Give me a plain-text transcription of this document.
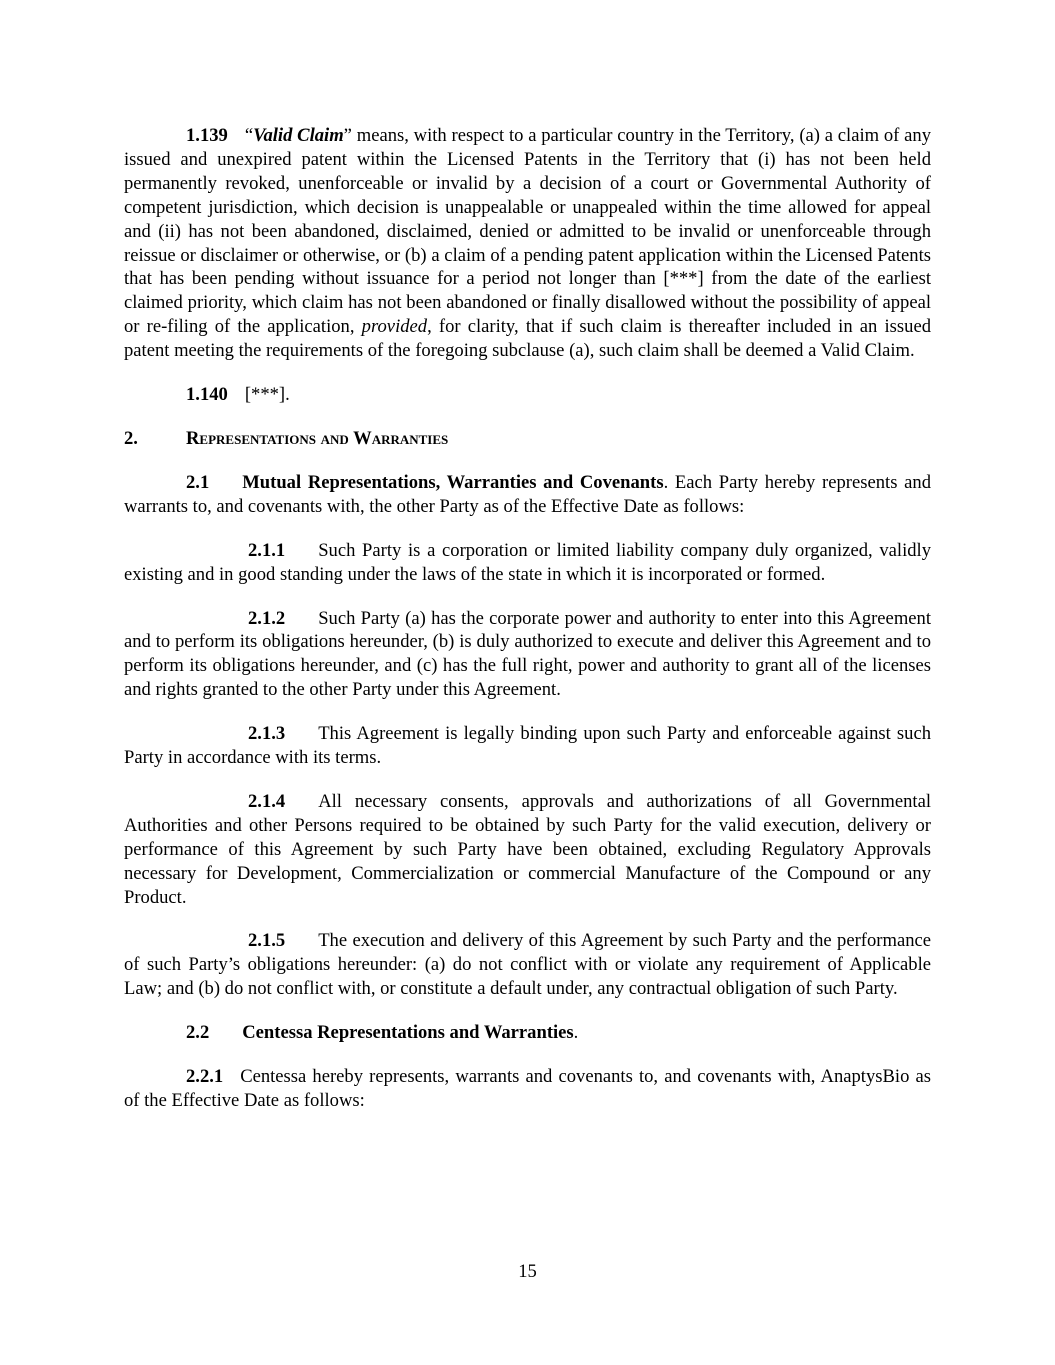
1.139 “Valid Claim” means, with respect to a particular country in the Territory, (a) a claim of any issued and unexpired patent within the Licensed Patents in the Territory that (i) has not been held permanently revoked, unenforceable or invalid by a decision of a court or Governmental Authority of competent jurisdiction, which decision is unappealable or unappealed within the time allowed for appeal and (ii) has not been abandoned, disclaimed, denied or admitted to be invalid or unenforceable through reissue or disclaimer or otherwise, or (b) a claim of a pending patent application within the Licensed Patents that has been pending without issuance for a period not longer than [***] from the date of the earliest claimed priority, which claim has not been abandoned or finally disallowed without the possibility of appeal or re-filing of the application, provided, for clarity, that if such claim is thereafter included in an issued patent meeting the requirements of the foregoing subclause (a), such claim shall be deemed a Valid Claim.

1.140 [***].

2.	Representations and Warranties

2.1 Mutual Representations, Warranties and Covenants. Each Party hereby represents and warrants to, and covenants with, the other Party as of the Effective Date as follows:

2.1.1 Such Party is a corporation or limited liability company duly organized, validly existing and in good standing under the laws of the state in which it is incorporated or formed.

2.1.2 Such Party (a) has the corporate power and authority to enter into this Agreement and to perform its obligations hereunder, (b) is duly authorized to execute and deliver this Agreement and to perform its obligations hereunder, and (c) has the full right, power and authority to grant all of the licenses and rights granted to the other Party under this Agreement.

2.1.3 This Agreement is legally binding upon such Party and enforceable against such Party in accordance with its terms.

2.1.4 All necessary consents, approvals and authorizations of all Governmental Authorities and other Persons required to be obtained by such Party for the valid execution, delivery or performance of this Agreement by such Party have been obtained, excluding Regulatory Approvals necessary for Development, Commercialization or commercial Manufacture of the Compound or any Product.

2.1.5 The execution and delivery of this Agreement by such Party and the performance of such Party’s obligations hereunder: (a) do not conflict with or violate any requirement of Applicable Law; and (b) do not conflict with, or constitute a default under, any contractual obligation of such Party.

2.2 Centessa Representations and Warranties.

2.2.1 Centessa hereby represents, warrants and covenants to, and covenants with, AnaptysBio as of the Effective Date as follows:

15
